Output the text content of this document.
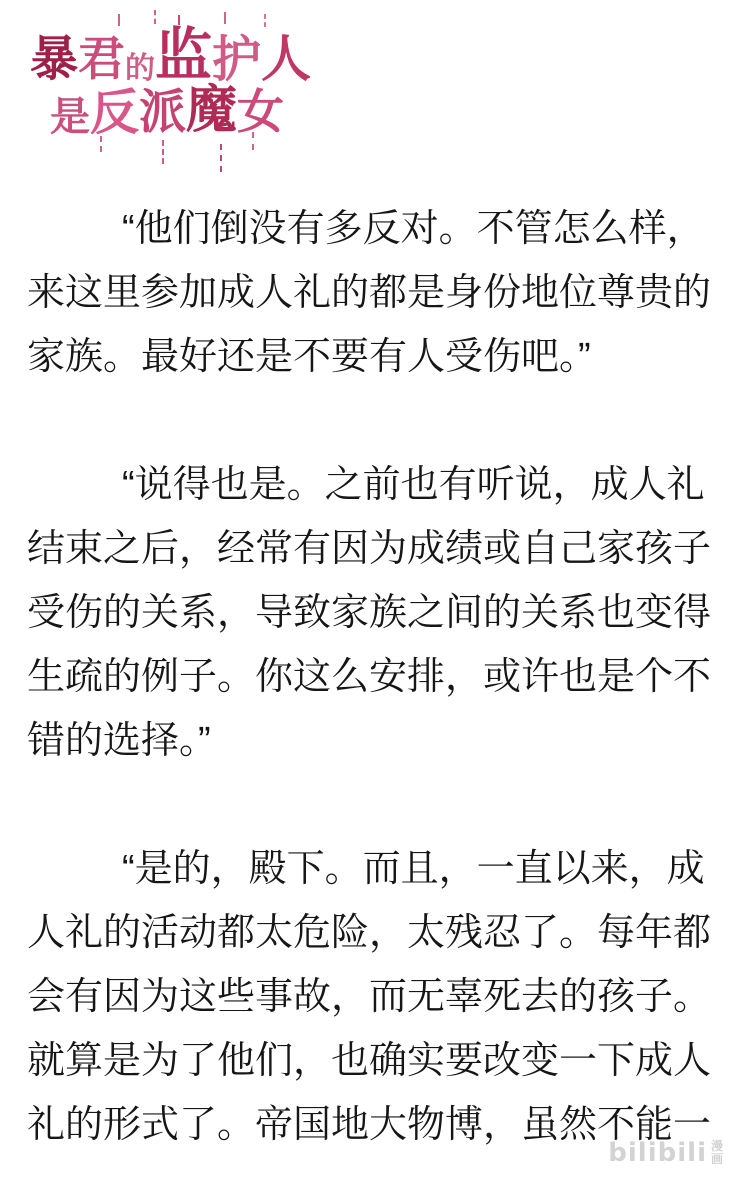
暴 君 的 监 护 人
是 反 派 魔 女
“他们倒没有多反对。不管怎么样，
来这里参加成人礼的都是身份地位尊贵的
家族。最好还是不要有人受伤吧。”
“说得也是。之前也有听说，成人礼
结束之后，经常有因为成绩或自己家孩子
受伤的关系，导致家族之间的关系也变得
生疏的例子。你这么安排，或许也是个不
错的选择。”
“是的，殿下。而且，一直以来，成
人礼的活动都太危险，太残忍了。每年都
会有因为这些事故，而无辜死去的孩子。
就算是为了他们，也确实要改变一下成人
礼的形式了。帝国地大物博，虽然不能一
bilibili 漫
画
